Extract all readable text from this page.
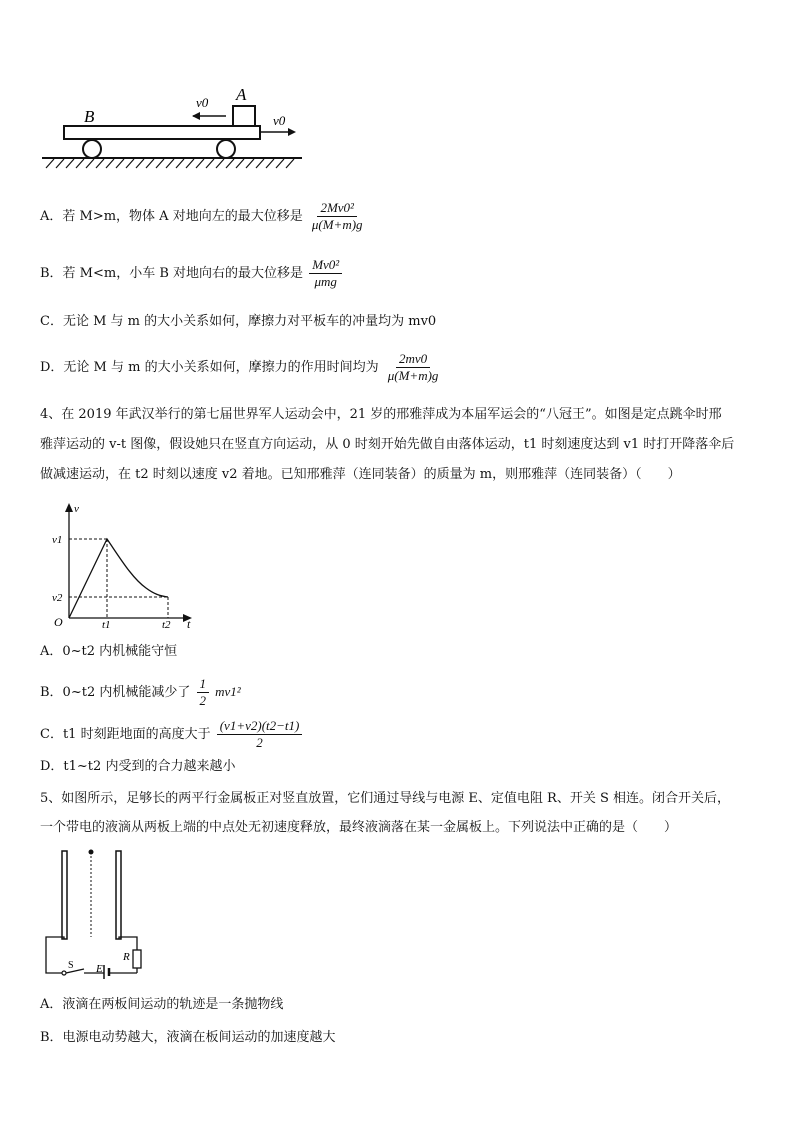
B
A
v0
v0
A．若 M>m，物体 A 对地向左的最大位移是 $\frac{\text{2Mv0²}}{\mu(M+m)g}$
B．若 M<m，小车 B 对地向右的最大位移是 $\frac{\text{Mv0²}}{\text{μmg}}$
C．无论 M 与 m 的大小关系如何，摩擦力对平板车的冲量均为 mv0
D．无论 M 与 m 的大小关系如何，摩擦力的作用时间均为 $\frac{2mv0}{\mu(M+m)g}$
4、在 2019 年武汉举行的第七届世界军人运动会中，21 岁的邢雅萍成为本届军运会的“八冠王”。如图是定点跳伞时邢
雅萍运动的 v-t 图像，假设她只在竖直方向运动，从 0 时刻开始先做自由落体运动，t1 时刻速度达到 v1 时打开降落伞后
做减速运动，在 t2 时刻以速度 v2 着地。已知邢雅萍（连同装备）的质量为 m，则邢雅萍（连同装备）（　　）
v
t
O
v1
v2
t1	t2
A．0~t2 内机械能守恒
B．0~t2 内机械能减少了 $\frac{1}{2} mv1^2$
C．t1 时刻距地面的高度大于 $\frac{(v1+v2)(t2-t1)}{2}$
D．t1~t2 内受到的合力越来越小
5、如图所示，足够长的两平行金属板正对竖直放置，它们通过导线与电源 E、定值电阻 R、开关 S 相连。闭合开关后，
一个带电的液滴从两板上端的中点处无初速度释放，最终液滴落在某一金属板上。下列说法中正确的是（　　）
S E
R
A．液滴在两板间运动的轨迹是一条抛物线
B．电源电动势越大，液滴在板间运动的加速度越大
